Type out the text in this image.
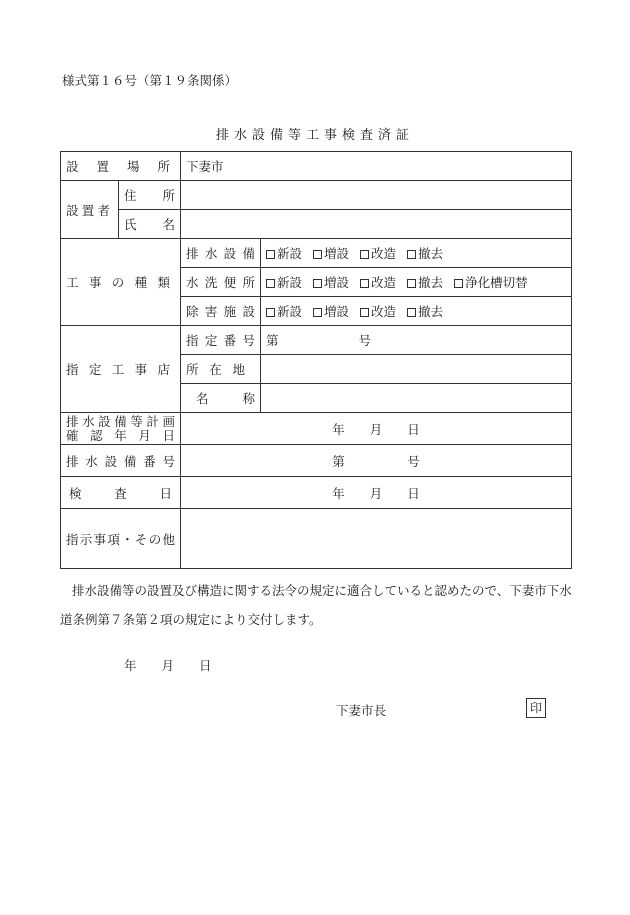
様式第１６号（第１９条関係）
排水設備等工事検査済証
設置場所		下妻市	
設置者	住所		
	氏名		
工事の種類		排水設備	新設 増設 改造 撤去
		水洗便所	新設 増設 改造 撤去 浄化槽切替
		除害施設	新設 増設 改造 撤去
指定工事店		指定番号	第 号
		所在地	
		名称	

排水設備等計画
確認年月日		年　　月　　日	
排水設備番号		第　　　　　号	
検査日		年　　月　　日	
指示事項・その他			
排水設備等の設置及び構造に関する法令の規定に適合していると認めたので、下妻市下水道条例第７条第２項の規定により交付します。
年　　月　　日
下妻市長	印
